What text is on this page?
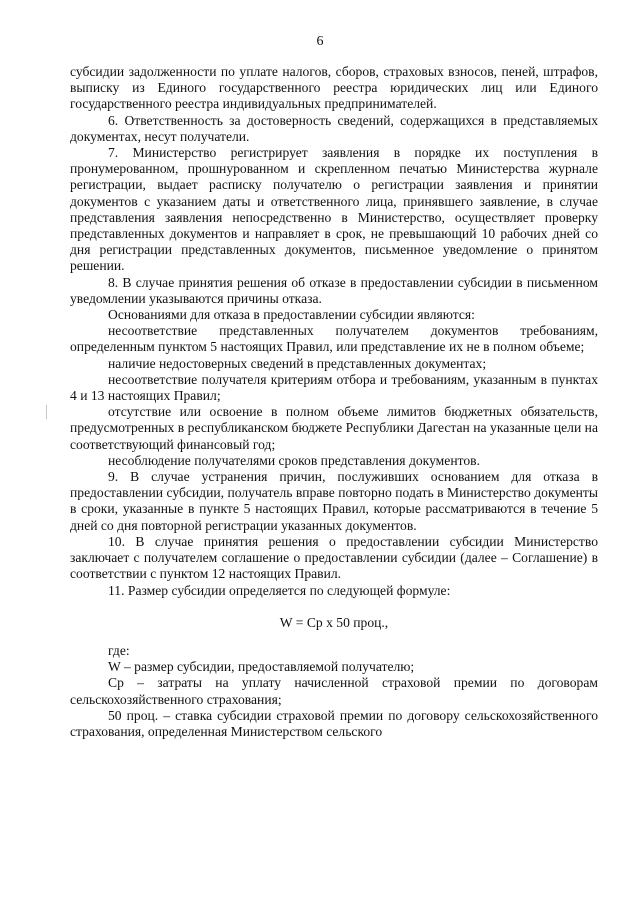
6

субсидии задолженности по уплате налогов, сборов, страховых взносов, пеней, штрафов, выписку из Единого государственного реестра юридических лиц или Единого государственного реестра индивидуальных предпринимателей.

6. Ответственность за достоверность сведений, содержащихся в представляемых документах, несут получатели.

7. Министерство регистрирует заявления в порядке их поступления в пронумерованном, прошнурованном и скрепленном печатью Министерства журнале регистрации, выдает расписку получателю о регистрации заявления и принятии документов с указанием даты и ответственного лица, принявшего заявление, в случае представления заявления непосредственно в Министерство, осуществляет проверку представленных документов и направляет в срок, не превышающий 10 рабочих дней со дня регистрации представленных документов, письменное уведомление о принятом решении.

8. В случае принятия решения об отказе в предоставлении субсидии в письменном уведомлении указываются причины отказа.

Основаниями для отказа в предоставлении субсидии являются:

несоответствие представленных получателем документов требованиям, определенным пунктом 5 настоящих Правил, или представление их не в полном объеме;

наличие недостоверных сведений в представленных документах;

несоответствие получателя критериям отбора и требованиям, указанным в пунктах 4 и 13 настоящих Правил;

отсутствие или освоение в полном объеме лимитов бюджетных обязательств, предусмотренных в республиканском бюджете Республики Дагестан на указанные цели на соответствующий финансовый год;

несоблюдение получателями сроков представления документов.

9. В случае устранения причин, послуживших основанием для отказа в предоставлении субсидии, получатель вправе повторно подать в Министерство документы в сроки, указанные в пункте 5 настоящих Правил, которые рассматриваются в течение 5 дней со дня повторной регистрации указанных документов.

10. В случае принятия решения о предоставлении субсидии Министерство заключает с получателем соглашение о предоставлении субсидии (далее – Соглашение) в соответствии с пунктом 12 настоящих Правил.

11. Размер субсидии определяется по следующей формуле:

W = Ср х 50 проц.,

где:

W – размер субсидии, предоставляемой получателю;

Ср – затраты на уплату начисленной страховой премии по договорам сельскохозяйственного страхования;

50 проц. – ставка субсидии страховой премии по договору сельскохозяйственного страхования, определенная Министерством сельского
